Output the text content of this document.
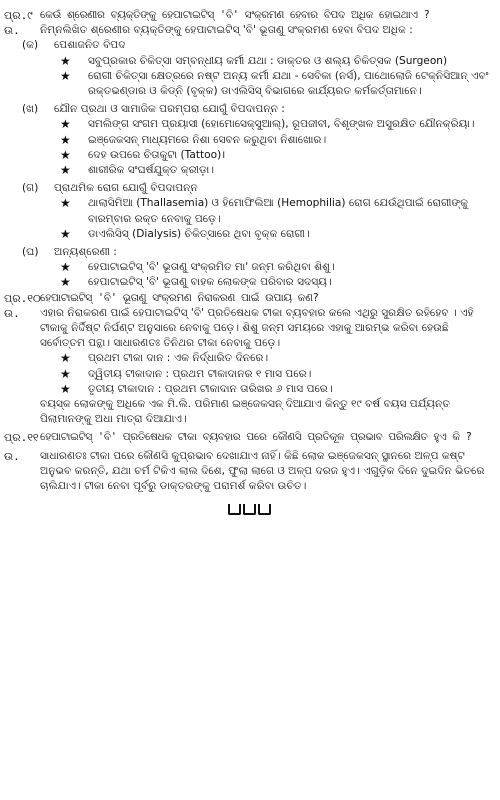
ପ୍ର.୯ କେଉଁ ଶ୍ରେଣୀର ବ୍ୟକ୍ତିଙ୍କୁ ହେପାଟାଇଟିସ୍ 'ବି' ସଂକ୍ରମଣ ହେବାର ବିପଦ ଅଧିକ ହୋଇଥାଏ ?
ଉ.	ନିମ୍ନଲିଖିତ ଶ୍ରେଣୀର ବ୍ୟକ୍ତିଙ୍କୁ ହେପାଟାଇଟିସ୍ 'ବି' ଭୂତାଣୁ ସଂକ୍ରମଣ ହେବା ବିପଦ ଅଧିକ :
(କ)	ପେଶାଜନିତ ବିପଦ
★	ସବୁପ୍ରକାର ଚିକିତ୍ସା ସମ୍ବନ୍ଧୀୟ କର୍ମୀ ଯଥା : ଡାକ୍ତର ଓ ଶଲ୍ୟ ଚିକିତ୍ସକ (Surgeon)
★	ରୋଗୀ ଚିକିତ୍ସା କ୍ଷେତ୍ରରେ ନଷ୍ଟ ଅନ୍ୟ କର୍ମୀ ଯଥା - ସେବିକା (ନର୍ସ), ପାଥୋଲୋଜି ଟେକ୍ନିସିଆନ୍ ଏବଂ ରକ୍ତଭଣ୍ଡାର ଓ କିଡ୍ନି (ବୃକ୍କ) ଡାଏଲିସିସ୍ ବିଭାଗରେ କାର୍ଯ୍ୟରତ କର୍ମକର୍ତ୍ତାମାନେ।
(ଖ)	ଯୌନ ପ୍ରଥା ଓ ସାମାଜିକ ପରମ୍ପରା ଯୋଗୁଁ ବିପଦାପନ୍ନ :
★	ସମଲିଙ୍ଗ ସଂଗମ ପ୍ରୟାସୀ (ହୋମୋସେକ୍ସୁଆଲ୍), ରୂପଜୀବୀ, ବିଶୃଙ୍ଖଳ ଅସୁରକ୍ଷିତ ଯୌନକ୍ରିୟା।
★	ଇଞ୍ଜେକସନ୍ ମାଧ୍ୟମରେ ନିଶା ସେବନ କରୁଥିବା ନିଶାଖୋର।
★	ଦେହ ଉପରେ ଚିତାକୁଟା (Tattoo)।
★	ଶାରୀରିକ ସଂଘର୍ଷଯୁକ୍ତ କ୍ରୀଡ଼ା।
(ଗ)	ପ୍ରାଥମିକ ରୋଗ ଯୋଗୁଁ ବିପଦାପନ୍ନ
★	ଥାଲାସିମିଆ (Thallasemia) ଓ ହିମୋଫିଲିଆ (Hemophilia) ରୋଗ ଯେଉଁଥିପାଇଁ ରୋଗୀଙ୍କୁ ବାରମ୍ବାର ରକ୍ତ ନେବାକୁ ପଡ଼େ।
★	ଡାଏଲିସିସ୍ (Dialysis) ଚିକିତ୍ସାରେ ଥିବା ବୃକ୍କ ରୋଗୀ।
(ଘ)	ଅନ୍ୟଶ୍ରେଣୀ :
★	ହେପାଟାଇଟିସ୍ 'ବି' ଭୂତାଣୁ ସଂକ୍ରମିତ ମା' ଜନ୍ମ କରିଥିବା ଶିଶୁ।
★	ହେପାଟାଇଟିସ୍ 'ବି' ଭୂତାଣୁ ବାହକ ଲୋକଙ୍କ ପରିବାର ସଦସ୍ୟ।
ପ୍ର.୧୦ ହେପାଟାଇଟିସ୍ 'ବି' ଭୂତାଣୁ ସଂକ୍ରମଣ ନିରାକରଣ ପାଇଁ ଉପାୟ କଣ?
ଉ.	ଏହାର ନିରାକରଣ ପାଇଁ ହେପାଟାଇଟିସ୍ 'ବି' ପ୍ରତିଷେଧକ ଟୀକା ବ୍ୟବହାର କଲେ ଏଥିରୁ ସୁରକ୍ଷିତ ରହିହେବ । ଏହି ଟୀକାକୁ ନିର୍ଦ୍ଦିଷ୍ଟ ନିର୍ଘଣ୍ଟ ଅନୁସାରେ ନେବାକୁ ପଡ଼େ। ଶିଶୁ ଜନ୍ମ ସମୟରେ ଏହାକୁ ଆରମ୍ଭ କରିବା ହେଉଛି ସର୍ବୋତ୍ତମ ପନ୍ଥା। ସାଧାରଣତଃ ତିନିଥର ଟୀକା ନେବାକୁ ପଡ଼େ।
★	ପ୍ରଥମ ଟୀକା ଦାନ : ଏକ ନିର୍ଦ୍ଧାରିତ ଦିନରେ।
★	ଦ୍ୱିତୀୟ ଟୀକାଦାନ : ପ୍ରଥମ ଟୀକାଦାନର ୧ ମାସ ପରେ।
★	ତୃତୀୟ ଟୀକାଦାନ : ପ୍ରଥମ ଟୀକାଦାନ ତାରିଖର ୬ ମାସ ପରେ।
ବୟସ୍କ ଲୋକଙ୍କୁ ଅଧିକେ ଏକ ମି.ଲି. ପରିମାଣ ଇଞ୍ଜେକସନ୍ ଦିଆଯାଏ କିନ୍ତୁ ୧୯ ବର୍ଷ ବୟସ ପର୍ଯ୍ୟନ୍ତ ପିଲାମାନଙ୍କୁ ଅଧା ମାତ୍ରା ଦିଆଯାଏ।
ପ୍ର.୧୧ ହେପାଟାଇଟିସ୍ 'ବି' ପ୍ରତିଷେଧକ ଟୀକା ବ୍ୟବହାର ପରେ କୌଣସି ପ୍ରତିକୂଳ ପ୍ରଭାବ ପରିଲକ୍ଷିତ ହୁଏ କି ?
ଉ.	ସାଧାରଣତଃ ଟୀକା ପରେ କୌଣସି କୁପ୍ରଭାବ ଦେଖାଯାଏ ନାହିଁ। କିଛି ଲୋକ ଇଞ୍ଜେକସନ୍ ସ୍ଥାନରେ ଅଳ୍ପ କଷ୍ଟ ଅନୁଭବ କରନ୍ତି, ଯଥା ଚର୍ମ ଟିକିଏ ଲାଲ ଦିଶେ, ଫୁଲା ଲାଗେ ଓ ଅଳ୍ପ ଦରଜ ହୁଏ। ଏଗୁଡ଼ିକ ଦିନେ ଦୁଇଦିନ ଭିତରେ ଚାଲିଯାଏ। ଟୀକା ନେବା ପୂର୍ବରୁ ଡାକ୍ତରଙ୍କୁ ପରାମର୍ଶ କରିବା ଉଚିତ।
